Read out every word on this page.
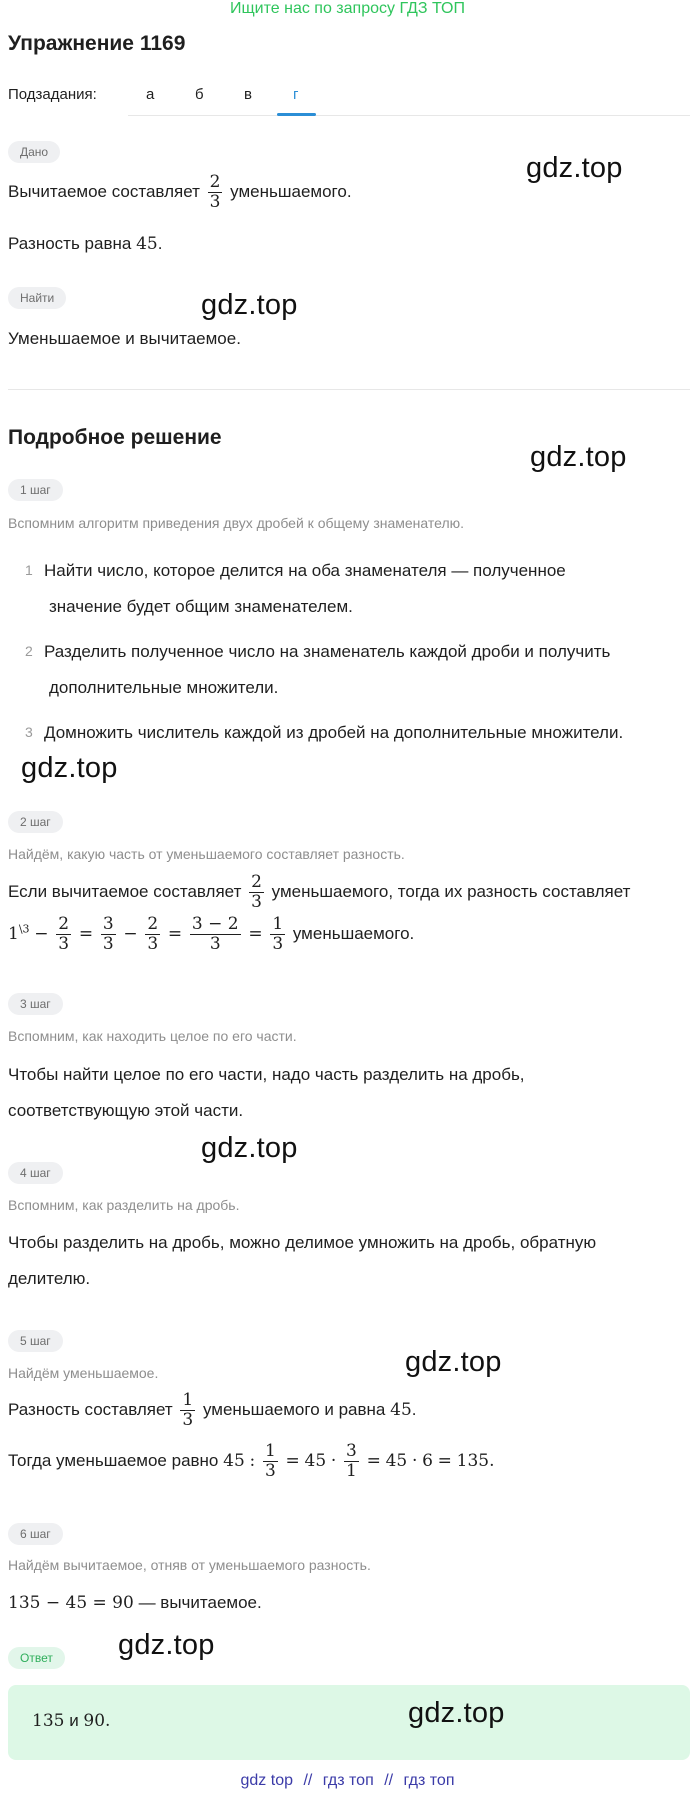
Ищите нас по запросу ГДЗ ТОП
Упражнение 1169
Подзадания:	а	б	в	г
Дано
Вычитаемое составляет $\frac{2}{3}$ уменьшаемого.
Разность равна 45.
Найти
Уменьшаемое и вычитаемое.
Подробное решение
1 шаг
Вспомним алгоритм приведения двух дробей к общему знаменателю.
1 Найти число, которое делится на оба знаменателя — полученное
значение будет общим знаменателем.
2 Разделить полученное число на знаменатель каждой дроби и получить
дополнительные множители.
3 Домножить числитель каждой из дробей на дополнительные множители.
2 шаг
Найдём, какую часть от уменьшаемого составляет разность.
Если вычитаемое составляет $\frac{2}{3}$ уменьшаемого, тогда их разность составляет
$1^{\backslash 3} - \frac{2}{3} = \frac{3}{3} - \frac{2}{3} = \frac{3 - 2}{3} = \frac{1}{3}$ уменьшаемого.
3 шаг
Вспомним, как находить целое по его части.
Чтобы найти целое по его части, надо часть разделить на дробь,
соответствующую этой части.
4 шаг
Вспомним, как разделить на дробь.
Чтобы разделить на дробь, можно делимое умножить на дробь, обратную
делителю.
5 шаг
Найдём уменьшаемое.
Разность составляет $\frac{1}{3}$ уменьшаемого и равна 45.
Тогда уменьшаемое равно 45 : $\frac{1}{3} = 45 \cdot \frac{3}{1} = 45 \cdot 6 = 135$.
6 шаг
Найдём вычитаемое, отняв от уменьшаемого разность.
135 − 45 = 90 — вычитаемое.
Ответ
135 и 90.
gdz.top
gdz.top
gdz.top
gdz.top
gdz.top
gdz.top
gdz.top
gdz.top
gdz top // гдз топ // гдз топ
